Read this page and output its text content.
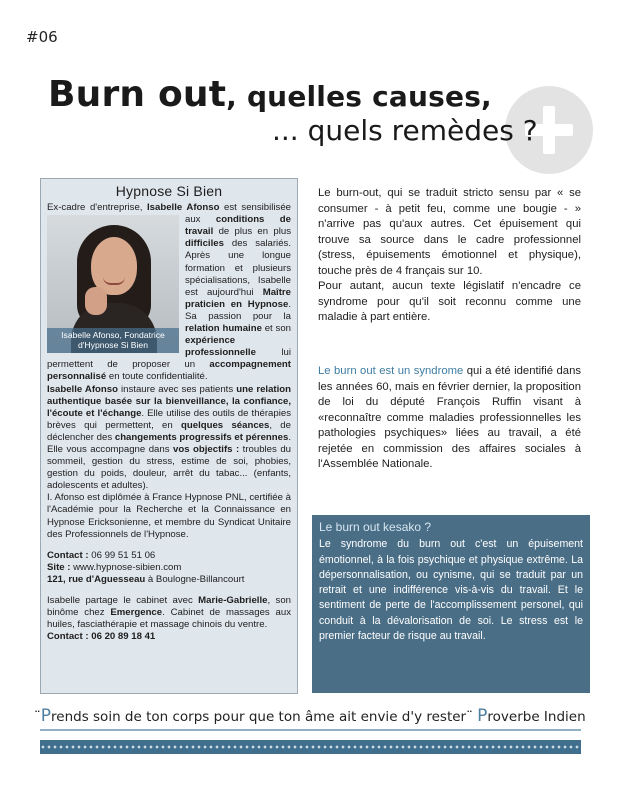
#06
Burn out, quelles causes,
... quels remèdes ?
Hypnose Si Bien
Ex-cadre d'entreprise, Isabelle Afonso est sensibilisée aux
Isabelle Afonso, Fondatrice d'Hypnose Si Bien
conditions de travail de plus en plus difficiles des salariés. Après une longue formation et plusieurs spécialisations, Isabelle est aujourd'hui Maître praticien en Hypnose. Sa passion pour la relation humaine et son expérience professionnelle lui permettent de proposer un accompagnement personnalisé en toute confidentialité.
Isabelle Afonso instaure avec ses patients une relation authentique basée sur la bienveillance, la confiance, l'écoute et l'échange. Elle utilise des outils de thérapies brèves qui permettent, en quelques séances, de déclencher des changements progressifs et pérennes. Elle vous accompagne dans vos objectifs : troubles du sommeil, gestion du stress, estime de soi, phobies, gestion du poids, douleur, arrêt du tabac... (enfants, adolescents et adultes).
I. Afonso est diplômée à France Hypnose PNL, certifiée à l'Académie pour la Recherche et la Connaissance en Hypnose Ericksonienne, et membre du Syndicat Unitaire des Professionnels de l'Hypnose.
Contact : 06 99 51 51 06
Site : www.hypnose-sibien.com
121, rue d'Aguesseau à Boulogne-Billancourt
Isabelle partage le cabinet avec Marie-Gabrielle, son binôme chez Emergence. Cabinet de massages aux huiles, fasciathérapie et massage chinois du ventre.
Contact : 06 20 89 18 41

Le burn-out, qui se traduit stricto sensu par « se consumer - à petit feu, comme une bougie - » n'arrive pas qu'aux autres. Cet épuisement qui trouve sa source dans le cadre professionnel (stress, épuisements émotionnel et physique), touche près de 4 français sur 10.

Pour autant, aucun texte législatif n'encadre ce syndrome pour qu'il soit reconnu comme une maladie à part entière.

Le burn out est un syndrome qui a été identifié dans les années 60, mais en février dernier, la proposition de loi du député François Ruffin visant à «reconnaître comme maladies professionnelles les pathologies psychiques» liées au travail, a été rejetée en commission des affaires sociales à l'Assemblée Nationale.

Le burn out kesako ?

Le syndrome du burn out c'est un épuisement émotionnel, à la fois psychique et physique extrême. La dépersonnalisation, ou cynisme, qui se traduit par un retrait et une indifférence vis-à-vis du travail. Et le sentiment de perte de l'accomplissement personel, qui conduit à la dévalorisation de soi. Le stress est le premier facteur de risque au travail.

¨Prends soin de ton corps pour que ton âme ait envie d'y rester¨ Proverbe Indien
